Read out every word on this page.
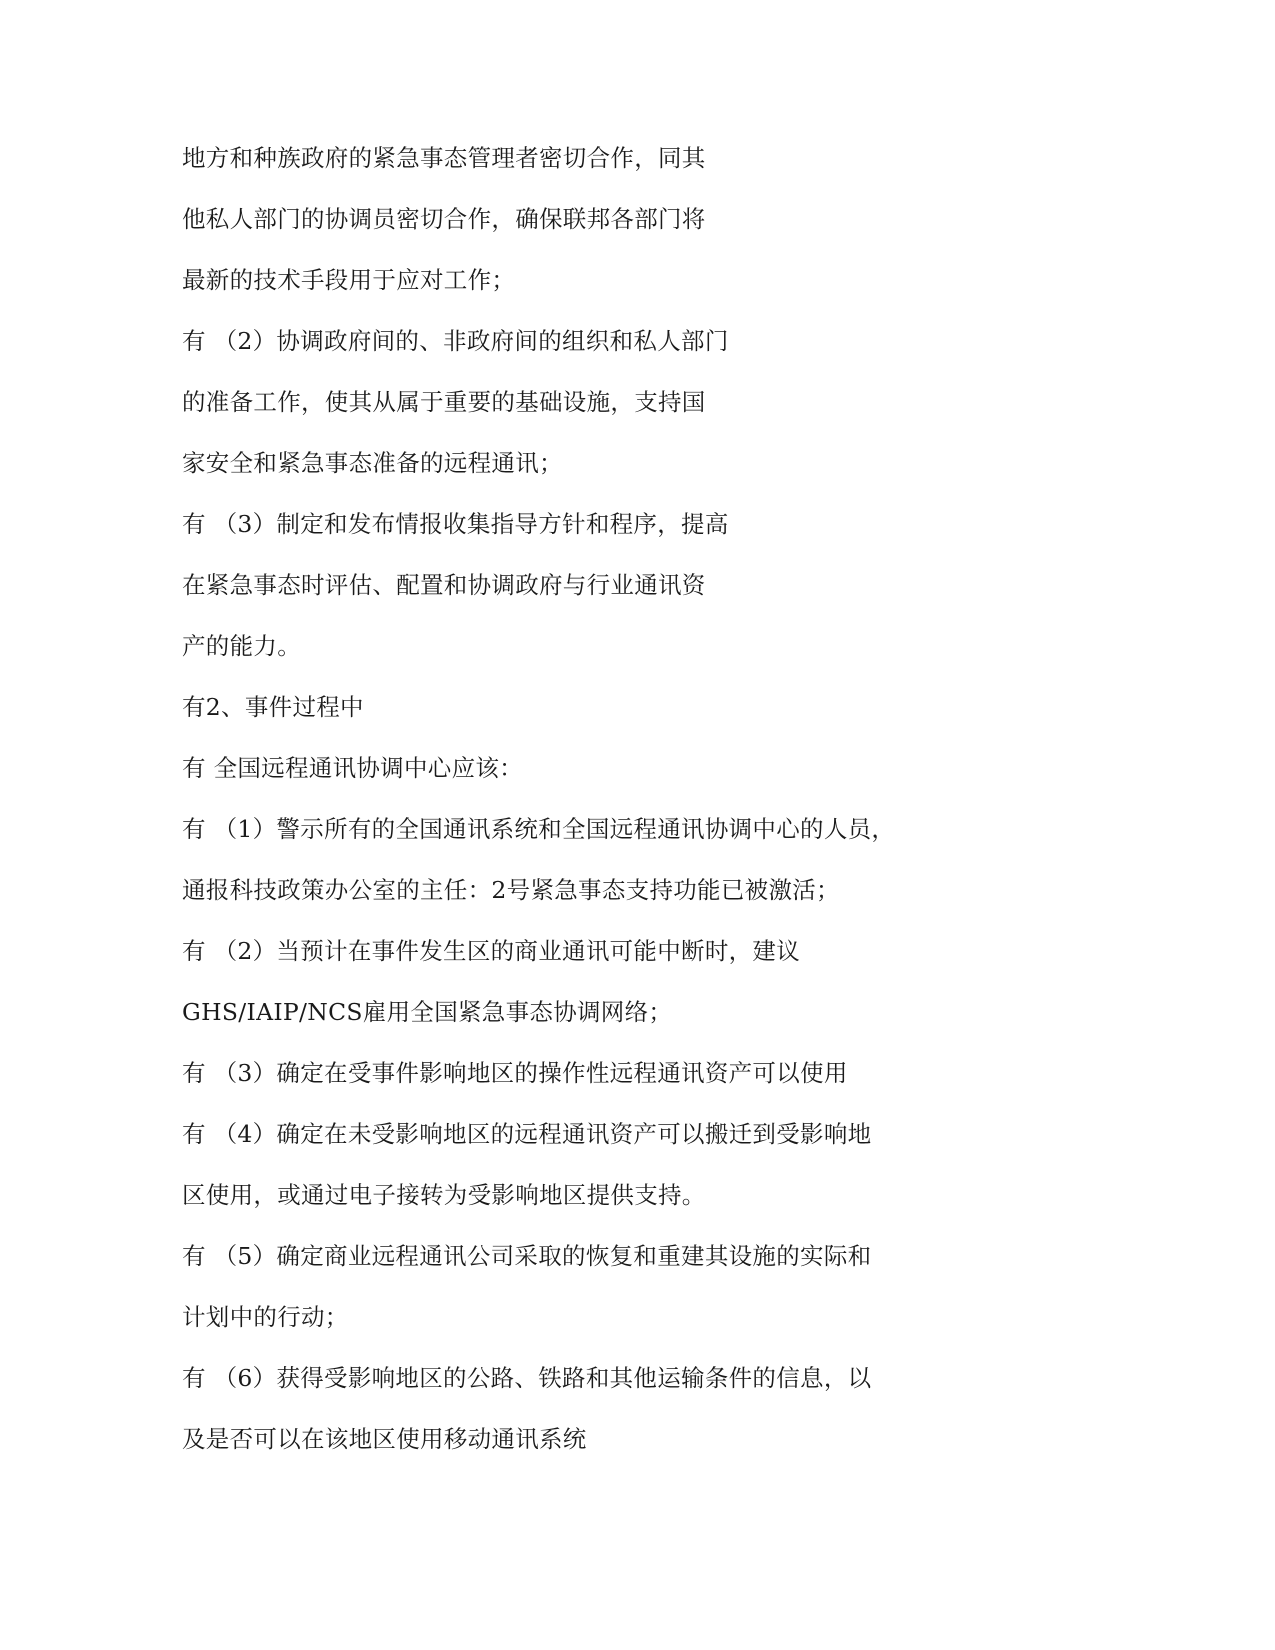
地方和种族政府的紧急事态管理者密切合作，同其
他私人部门的协调员密切合作，确保联邦各部门将
最新的技术手段用于应对工作；
有 （2）协调政府间的、非政府间的组织和私人部门
的准备工作，使其从属于重要的基础设施，支持国
家安全和紧急事态准备的远程通讯；
有 （3）制定和发布情报收集指导方针和程序，提高
在紧急事态时评估、配置和协调政府与行业通讯资
产的能力。
有2、事件过程中
有 全国远程通讯协调中心应该：
有 （1）警示所有的全国通讯系统和全国远程通讯协调中心的人员，
通报科技政策办公室的主任：2号紧急事态支持功能已被激活；
有 （2）当预计在事件发生区的商业通讯可能中断时，建议
GHS/IAIP/NCS雇用全国紧急事态协调网络；
有 （3）确定在受事件影响地区的操作性远程通讯资产可以使用
有 （4）确定在未受影响地区的远程通讯资产可以搬迁到受影响地
区使用，或通过电子接转为受影响地区提供支持。
有 （5）确定商业远程通讯公司采取的恢复和重建其设施的实际和
计划中的行动；
有 （6）获得受影响地区的公路、铁路和其他运输条件的信息，以
及是否可以在该地区使用移动通讯系统
